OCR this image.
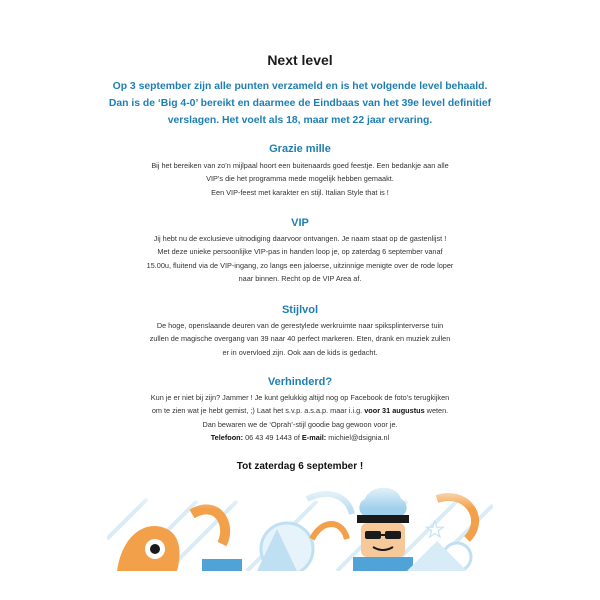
Next level
Op 3 september zijn alle punten verzameld en is het volgende level behaald.
Dan is de ‘Big 4-0’ bereikt en daarmee de Eindbaas van het 39e level definitief
verslagen. Het voelt als 18, maar met 22 jaar ervaring.
Grazie mille
Bij het bereiken van zo’n mijlpaal hoort een buitenaards goed feestje. Een bedankje aan alle
VIP’s die het programma mede mogelijk hebben gemaakt.
Een VIP-feest met karakter en stijl. Italian Style that is !
VIP
Jij hebt nu de exclusieve uitnodiging daarvoor ontvangen. Je naam staat op de gastenlijst !
Met deze unieke persoonlijke VIP-pas in handen loop je, op zaterdag 6 september vanaf
15.00u, fluitend via de VIP-ingang, zo langs een jaloerse, uitzinnige menigte over de rode loper
naar binnen. Recht op de VIP Area af.
Stijlvol
De hoge, openslaande deuren van de gerestylede werkruimte naar spiksplinterverse tuin
zullen de magische overgang van 39 naar 40 perfect markeren. Eten, drank en muziek zullen
er in overvloed zijn. Ook aan de kids is gedacht.
Verhinderd?
Kun je er niet bij zijn? Jammer ! Je kunt gelukkig altijd nog op Facebook de foto’s terugkijken
om te zien wat je hebt gemist, ;) Laat het s.v.p. a.s.a.p. maar i.i.g. voor 31 augustus weten.
Dan bewaren we de ‘Oprah’-stijl goodie bag gewoon voor je.
Telefoon: 06 43 49 1443 of E-mail: michiel@dsignia.nl
Tot zaterdag 6 september !
★
